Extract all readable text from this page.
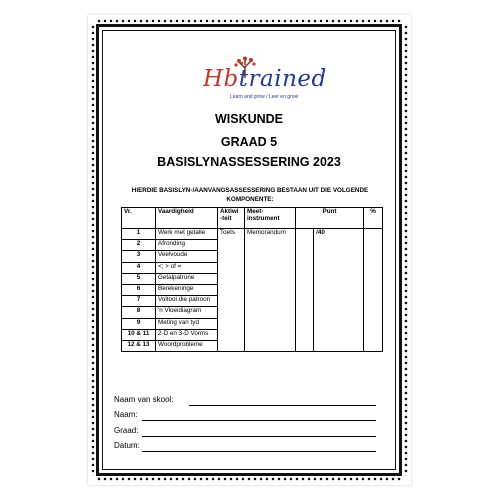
Hbtrained
Learn and grow / Leer en groei
WISKUNDE
GRAAD 5
BASISLYNASSESSERING 2023
HIERDIE BASISLYN-/AANVANGSASSESSERING BESTAAN UIT DIE VOLGENDE KOMPONENTE:
Vr.	Vaardigheid	Aktiwi -teit	Meet-instrument	Punt		%
1	Werk met getalle	Toets	Memorandum		/40	
2	Afronding					
3	Veelvoude					
4	<; > of =					
5	Getalpatrone					
6	Berekeninge					
7	Voltooi die patroon					
8	'n Vloeidiagram					
9	Meting van tyd					
10 & 11	2-D en 3-D Vorms					
12 & 13	Woordprobleme					
Naam van skool:
Naam:
Graad:
Datum:
